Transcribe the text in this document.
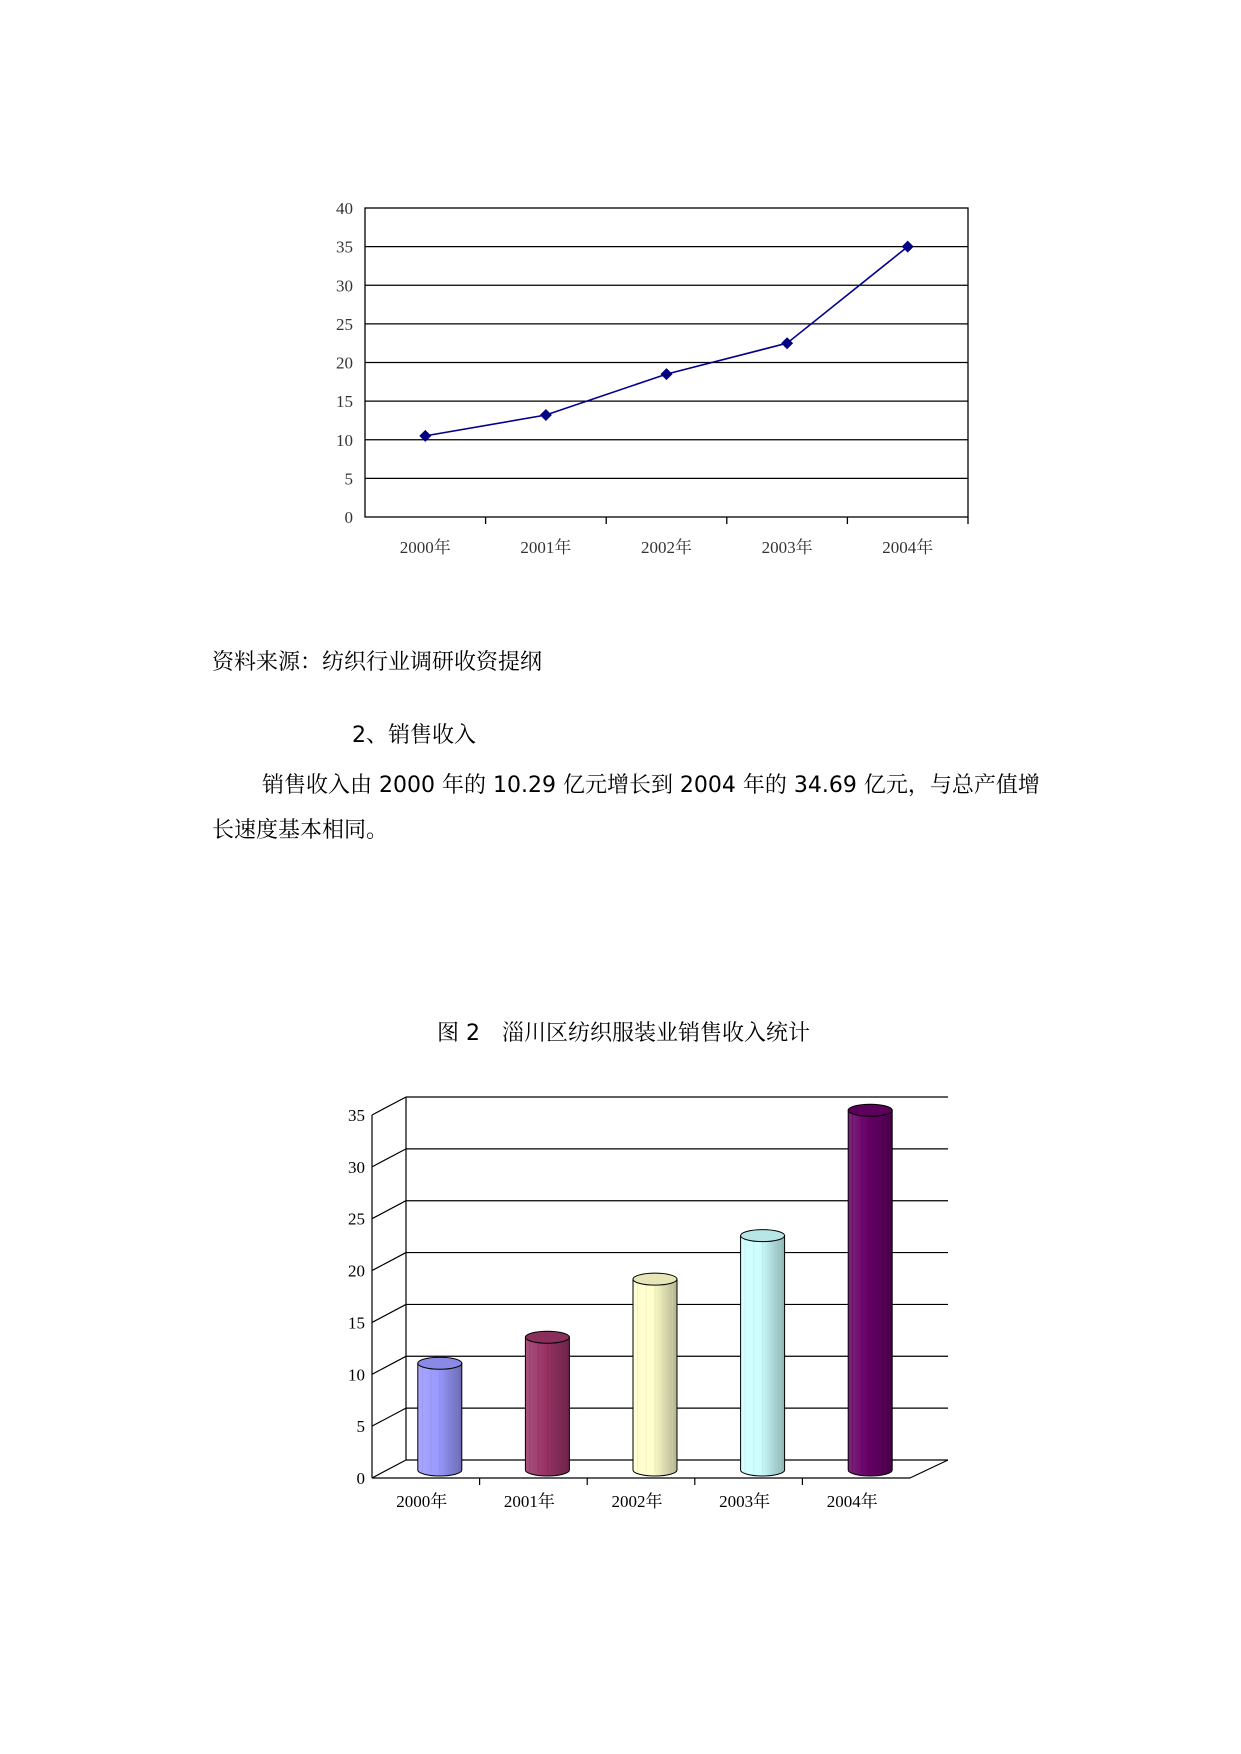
0
5
10
15
20
25
30
35
40
2000年	2001年	2002年	2003年	2004年
0
5
10
15
20
25
30
35
2000年	2001年	2002年	2003年	2004年
资料来源：纺织行业调研收资提纲
2、销售收入
销售收入由 2000 年的 10.29 亿元增长到 2004 年的 34.69 亿元，与总产值增
长速度基本相同。
图 2　淄川区纺织服装业销售收入统计
